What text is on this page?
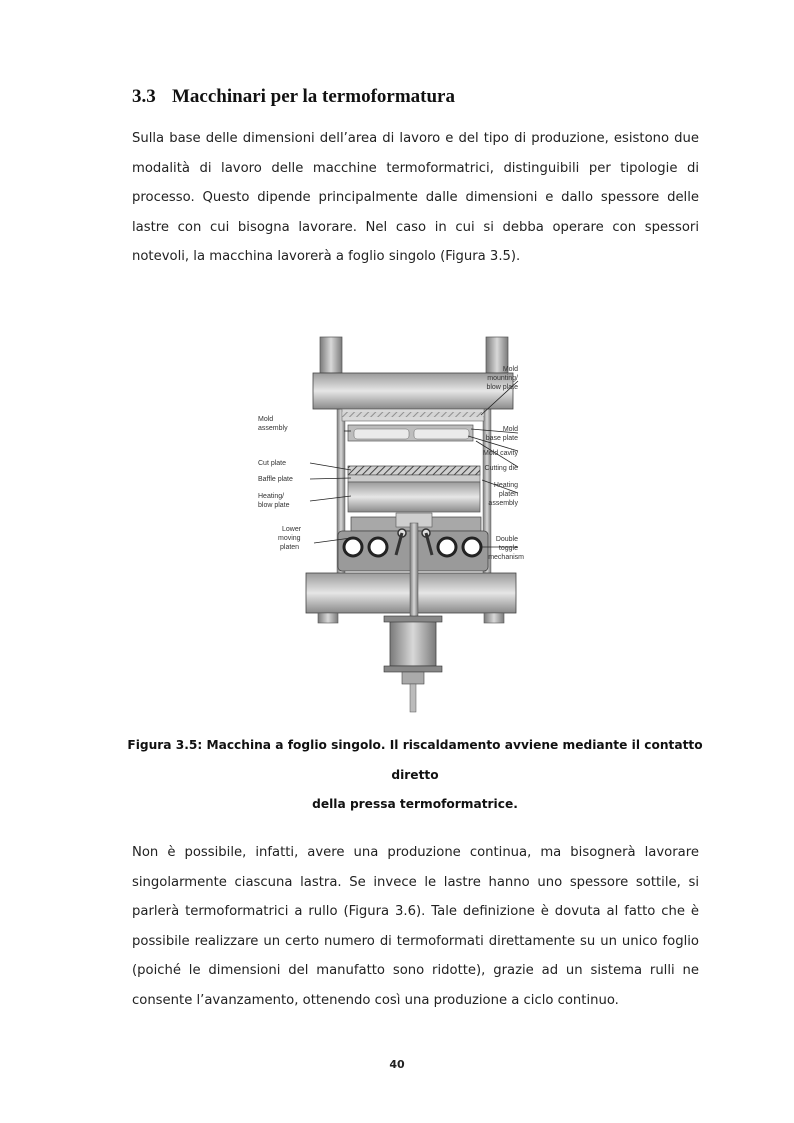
3.3 Macchinari per la termoformatura

Sulla base delle dimensioni dell’area di lavoro e del tipo di produzione, esistono due modalità di lavoro delle macchine termoformatrici, distinguibili per tipologie di processo. Questo dipende principalmente dalle dimensioni e dallo spessore delle lastre con cui bisogna lavorare. Nel caso in cui si debba operare con spessori notevoli, la macchina lavorerà a foglio singolo (Figura 3.5).

Mold
mounting/
blow plate
Mold
assembly	Mold
base plate
Mold cavity
Cutting die
Cut plate
Baffle plate
Heating/
blow plate
Heating
platen
assembly
Lower
moving
platen
Double
toggle
mechanism

Figura 3.5: Macchina a foglio singolo. Il riscaldamento avviene mediante il contatto diretto
della pressa termoformatrice.

Non è possibile, infatti, avere una produzione continua, ma bisognerà lavorare singolarmente ciascuna lastra. Se invece le lastre hanno uno spessore sottile, si parlerà termoformatrici a rullo (Figura 3.6). Tale definizione è dovuta al fatto che è possibile realizzare un certo numero di termoformati direttamente su un unico foglio (poiché le dimensioni del manufatto sono ridotte), grazie ad un sistema rulli ne consente l’avanzamento, ottenendo così una produzione a ciclo continuo.

40
